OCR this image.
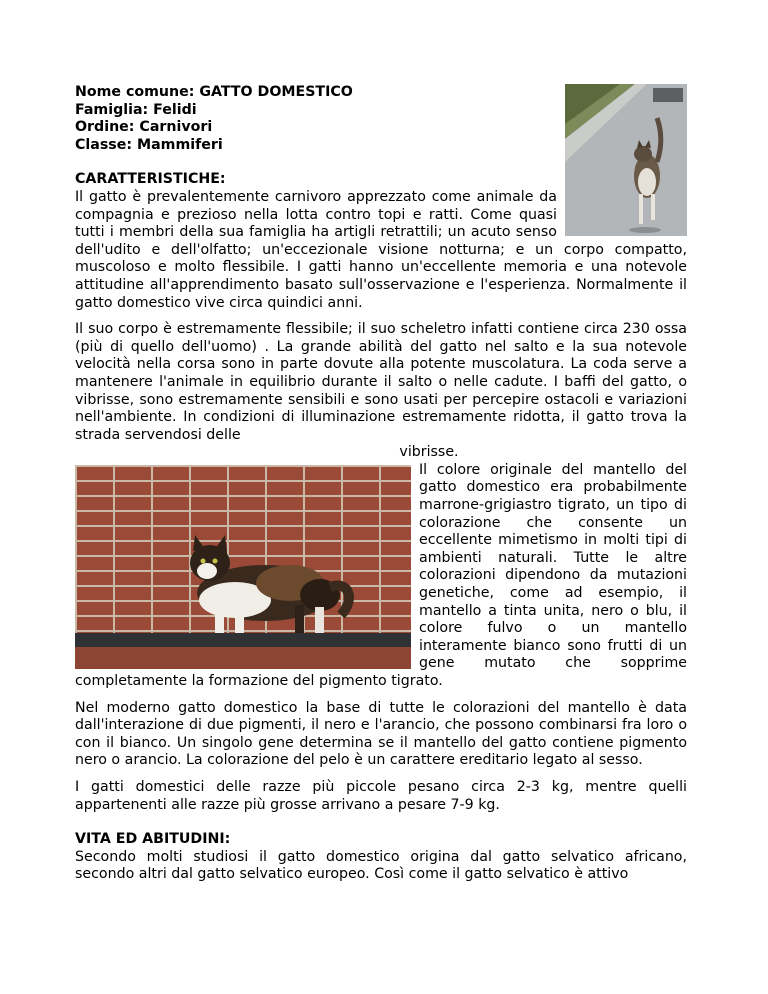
Nome comune: GATTO DOMESTICO
Famiglia: Felidi
Ordine: Carnivori
Classe: Mammiferi
CARATTERISTICHE:

Il gatto è prevalentemente carnivoro apprezzato come animale da compagnia e prezioso nella lotta contro topi e ratti. Come quasi tutti i membri della sua famiglia ha artigli retrattili; un acuto senso dell'udito e dell'olfatto; un'eccezionale visione notturna; e un corpo compatto, muscoloso e molto flessibile. I gatti hanno un'eccellente memoria e una notevole attitudine all'apprendimento basato sull'osservazione e l'esperienza. Normalmente il gatto domestico vive circa quindici anni.

Il suo corpo è estremamente flessibile; il suo scheletro infatti contiene circa 230 ossa (più di quello dell'uomo) . La grande abilità del gatto nel salto e la sua notevole velocità nella corsa sono in parte dovute alla potente muscolatura. La coda serve a mantenere l'animale in equilibrio durante il salto o nelle cadute. I baffi del gatto, o vibrisse, sono estremamente sensibili e sono usati per percepire ostacoli e variazioni nell'ambiente. In condizioni di illuminazione estremamente ridotta, il gatto trova la strada servendosi delle

vibrisse.

Il colore originale del mantello del gatto domestico era probabilmente marrone-grigiastro tigrato, un tipo di colorazione che consente un eccellente mimetismo in molti tipi di ambienti naturali. Tutte le altre colorazioni dipendono da mutazioni genetiche, come ad esempio, il mantello a tinta unita, nero o blu, il colore fulvo o un mantello interamente bianco sono frutti di un gene mutato che sopprime completamente la formazione del pigmento tigrato.

Nel moderno gatto domestico la base di tutte le colorazioni del mantello è data dall'interazione di due pigmenti, il nero e l'arancio, che possono combinarsi fra loro o con il bianco. Un singolo gene determina se il mantello del gatto contiene pigmento nero o arancio. La colorazione del pelo è un carattere ereditario legato al sesso.

I gatti domestici delle razze più piccole pesano circa 2-3 kg, mentre quelli appartenenti alle razze più grosse arrivano a pesare 7-9 kg.

VITA ED ABITUDINI:

Secondo molti studiosi il gatto domestico origina dal gatto selvatico africano, secondo altri dal gatto selvatico europeo. Così come il gatto selvatico è attivo
